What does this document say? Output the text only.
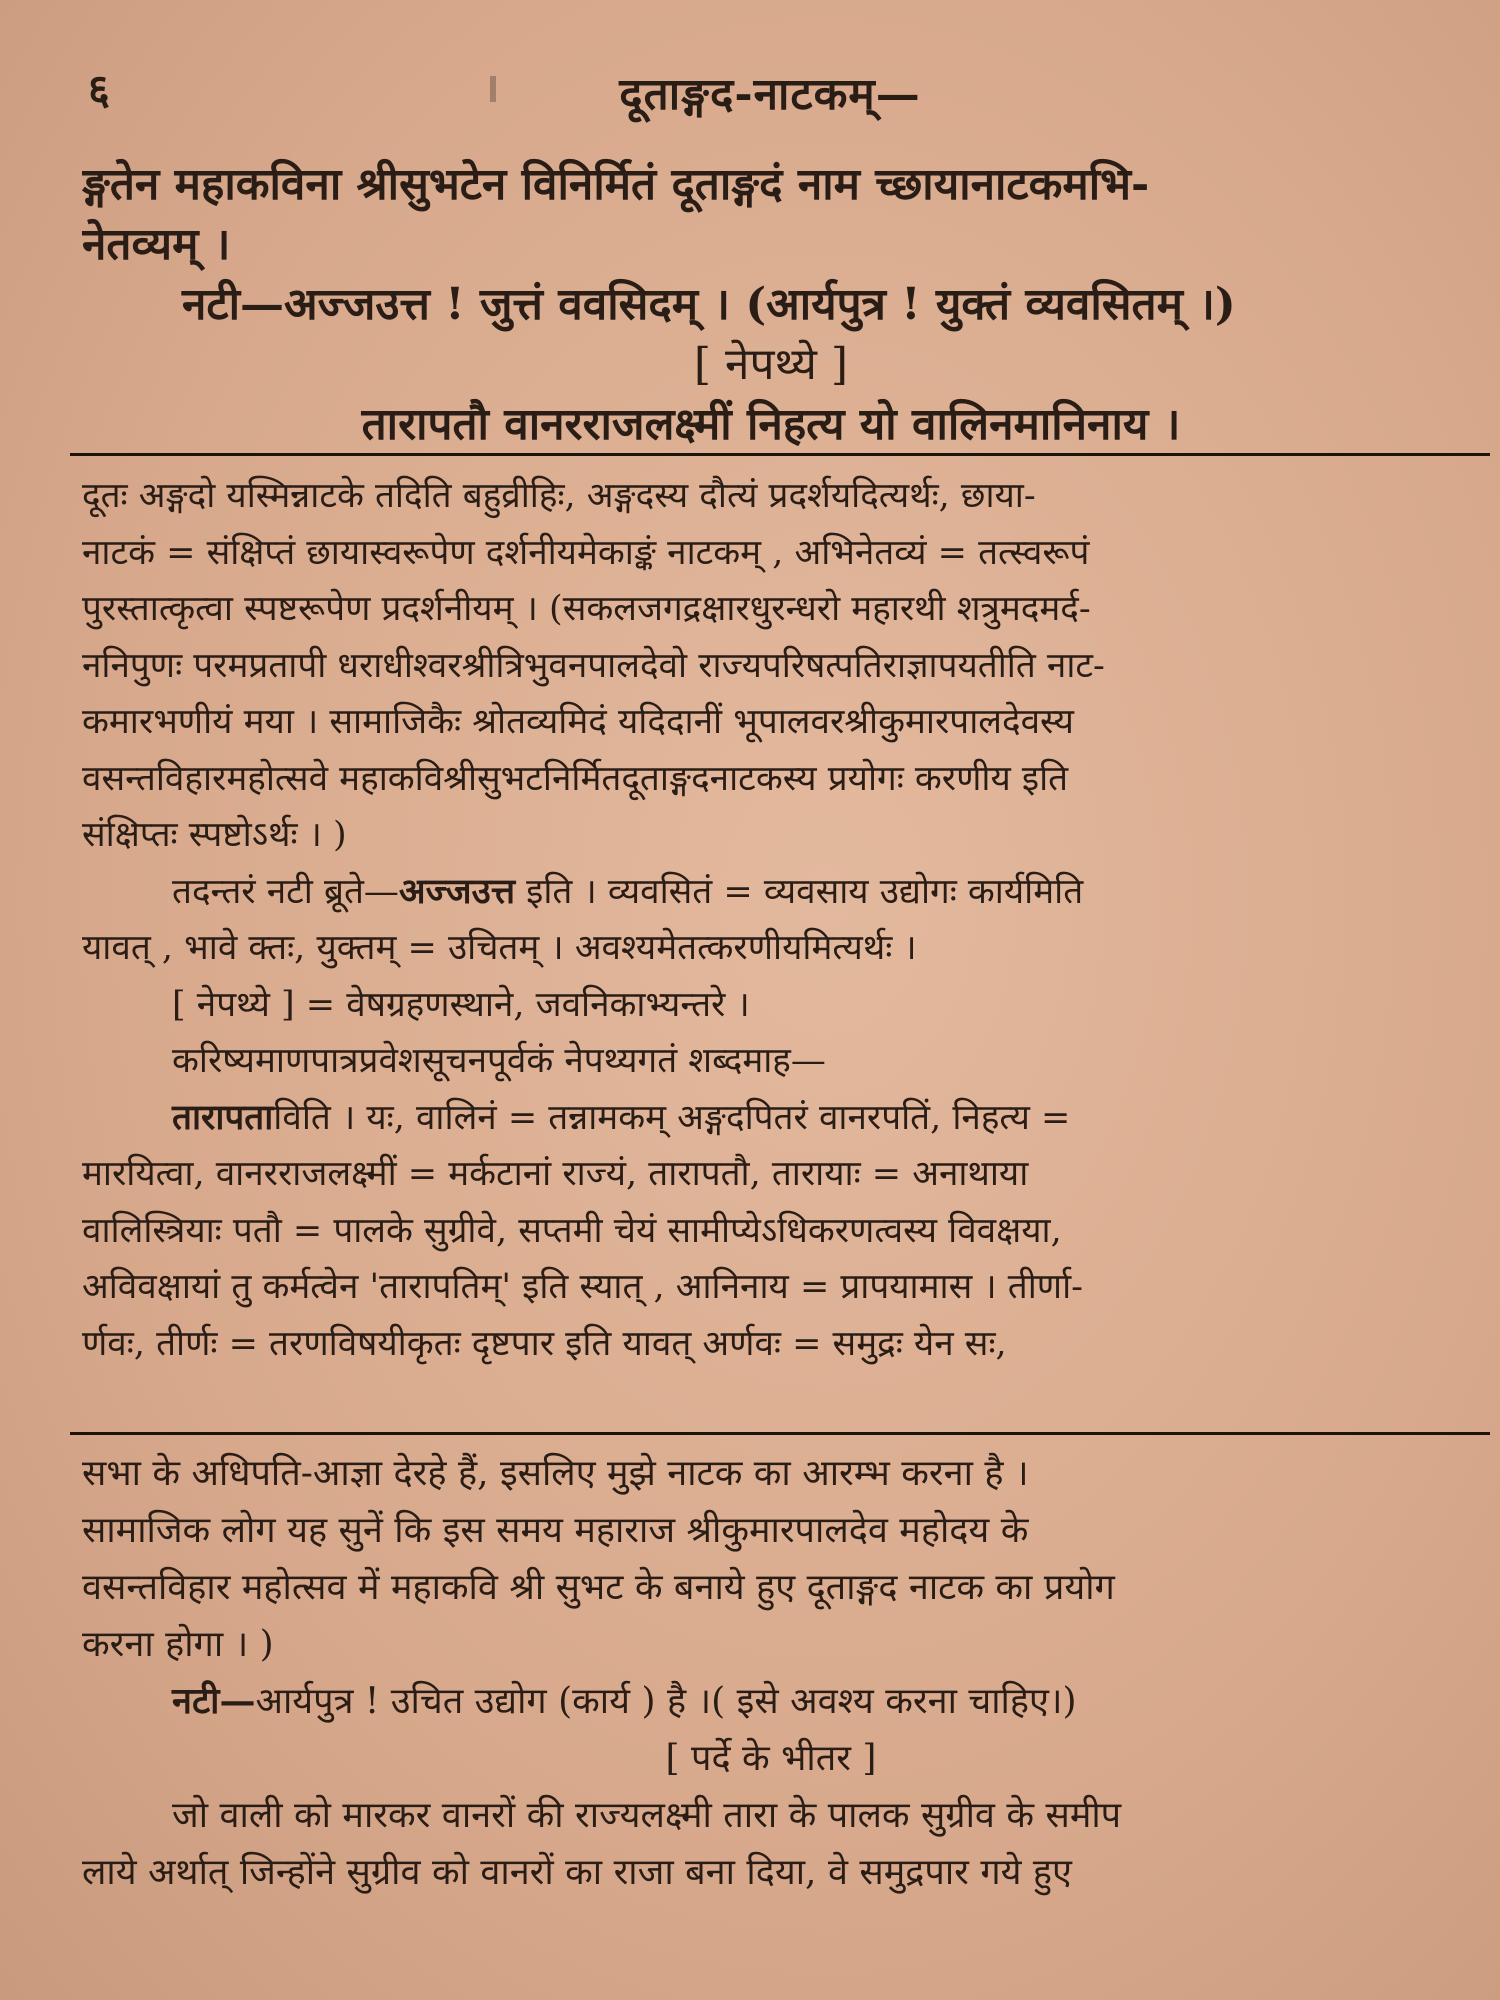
६	दूताङ्गद-नाटकम्—
ङ्गतेन महाकविना श्रीसुभटेन विनिर्मितं दूताङ्गदं नाम च्छायानाटकमभि-
नेतव्यम् ।
नटी—अज्जउत्त ! जुत्तं ववसिदम् । (आर्यपुत्र ! युक्तं व्यवसितम् ।)
[ नेपथ्ये ]
तारापतौ वानरराजलक्ष्मीं निहत्य यो वालिनमानिनाय ।
दूतः अङ्गदो यस्मिन्नाटके तदिति बहुव्रीहिः, अङ्गदस्य दौत्यं प्रदर्शयदित्यर्थः, छाया-
नाटकं = संक्षिप्तं छायास्वरूपेण दर्शनीयमेकाङ्कं नाटकम् , अभिनेतव्यं = तत्स्वरूपं
पुरस्तात्कृत्वा स्पष्टरूपेण प्रदर्शनीयम् । (सकलजगद्रक्षारधुरन्धरो महारथी शत्रुमदमर्द-
ननिपुणः परमप्रतापी धराधीश्वरश्रीत्रिभुवनपालदेवो राज्यपरिषत्पतिराज्ञापयतीति नाट-
कमारभणीयं मया । सामाजिकैः श्रोतव्यमिदं यदिदानीं भूपालवरश्रीकुमारपालदेवस्य
वसन्तविहारमहोत्सवे महाकविश्रीसुभटनिर्मितदूताङ्गदनाटकस्य प्रयोगः करणीय इति
संक्षिप्तः स्पष्टोऽर्थः । )
तदन्तरं नटी ब्रूते—अज्जउत्त इति । व्यवसितं = व्यवसाय उद्योगः कार्यमिति
यावत् , भावे क्तः, युक्तम् = उचितम् । अवश्यमेतत्करणीयमित्यर्थः ।
[ नेपथ्ये ] = वेषग्रहणस्थाने, जवनिकाभ्यन्तरे ।
करिष्यमाणपात्रप्रवेशसूचनपूर्वकं नेपथ्यगतं शब्दमाह—
तारापताविति । यः, वालिनं = तन्नामकम् अङ्गदपितरं वानरपतिं, निहत्य =
मारयित्वा, वानरराजलक्ष्मीं = मर्कटानां राज्यं, तारापतौ, तारायाः = अनाथाया
वालिस्त्रियाः पतौ = पालके सुग्रीवे, सप्तमी चेयं सामीप्येऽधिकरणत्वस्य विवक्षया,
अविवक्षायां तु कर्मत्वेन 'तारापतिम्' इति स्यात् , आनिनाय = प्रापयामास । तीर्णा-
र्णवः, तीर्णः = तरणविषयीकृतः दृष्टपार इति यावत् अर्णवः = समुद्रः येन सः,
सभा के अधिपति-आज्ञा देरहे हैं, इसलिए मुझे नाटक का आरम्भ करना है ।
सामाजिक लोग यह सुनें कि इस समय महाराज श्रीकुमारपालदेव महोदय के
वसन्तविहार महोत्सव में महाकवि श्री सुभट के बनाये हुए दूताङ्गद नाटक का प्रयोग
करना होगा । )
नटी—आर्यपुत्र ! उचित उद्योग (कार्य ) है ।( इसे अवश्य करना चाहिए।)
[ पर्दे के भीतर ]
जो वाली को मारकर वानरों की राज्यलक्ष्मी तारा के पालक सुग्रीव के समीप
लाये अर्थात् जिन्होंने सुग्रीव को वानरों का राजा बना दिया, वे समुद्रपार गये हुए
